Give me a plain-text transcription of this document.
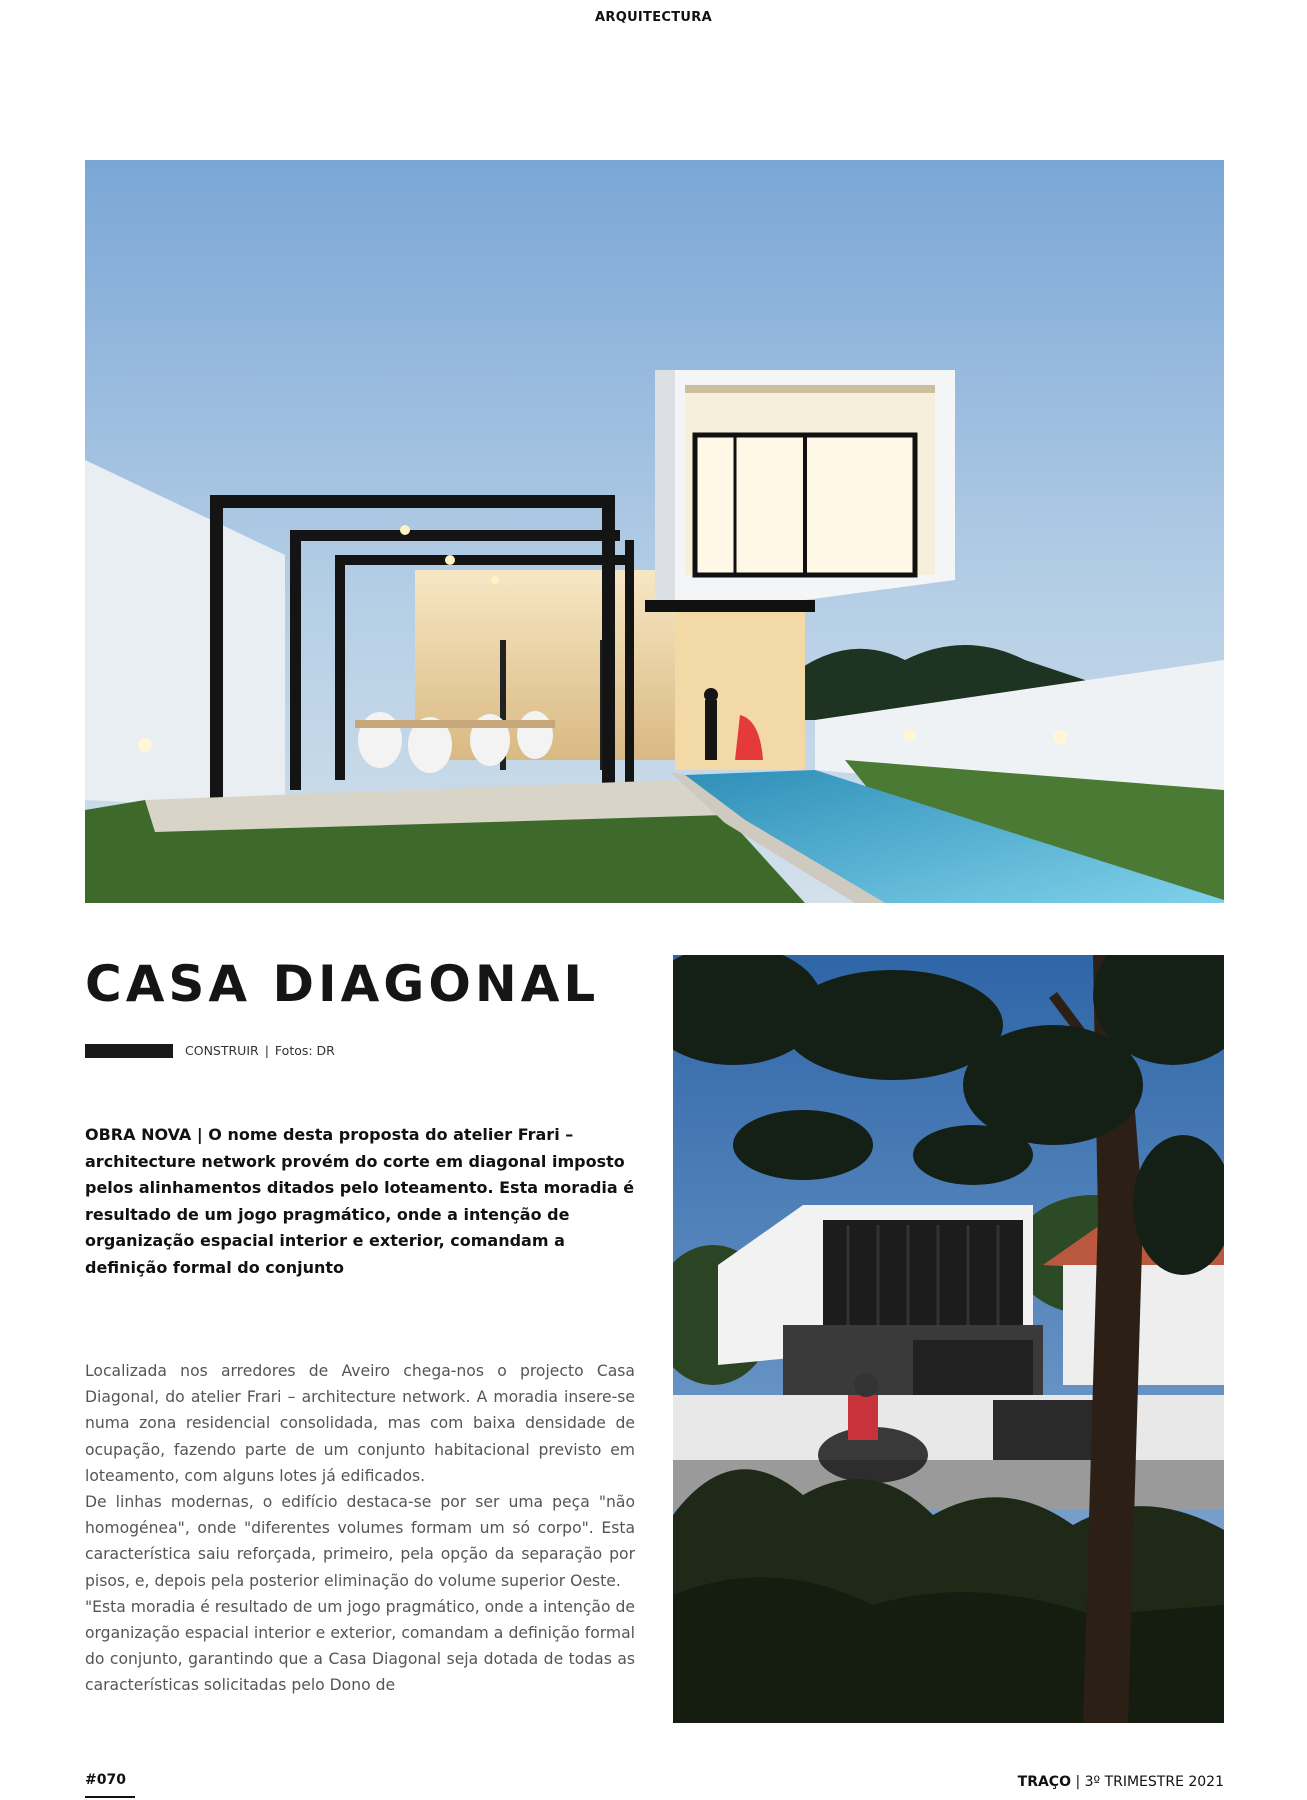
ARQUITECTURA
CASA DIAGONAL
CONSTRUIR | Fotos: DR

OBRA NOVA | O nome desta proposta do atelier Frari – architecture network provém do corte em diagonal imposto pelos alinhamentos ditados pelo loteamento. Esta moradia é resultado de um jogo pragmático, onde a intenção de organização espacial interior e exterior, comandam a definição formal do conjunto

Localizada nos arredores de Aveiro chega-nos o projecto Casa Diagonal, do atelier Frari – architecture network. A moradia insere-se numa zona residencial consolidada, mas com baixa densidade de ocupação, fazendo parte de um conjunto habitacional previsto em loteamento, com alguns lotes já edificados.

De linhas modernas, o edifício destaca-se por ser uma peça "não homogénea", onde "diferentes volumes formam um só corpo". Esta característica saiu reforçada, primeiro, pela opção da separação por pisos, e, depois pela posterior eliminação do volume superior Oeste.

"Esta moradia é resultado de um jogo pragmático, onde a intenção de organização espacial interior e exterior, comandam a definição formal do conjunto, garantindo que a Casa Diagonal seja dotada de todas as características solicitadas pelo Dono de

#070	TRAÇO | 3º TRIMESTRE 2021
